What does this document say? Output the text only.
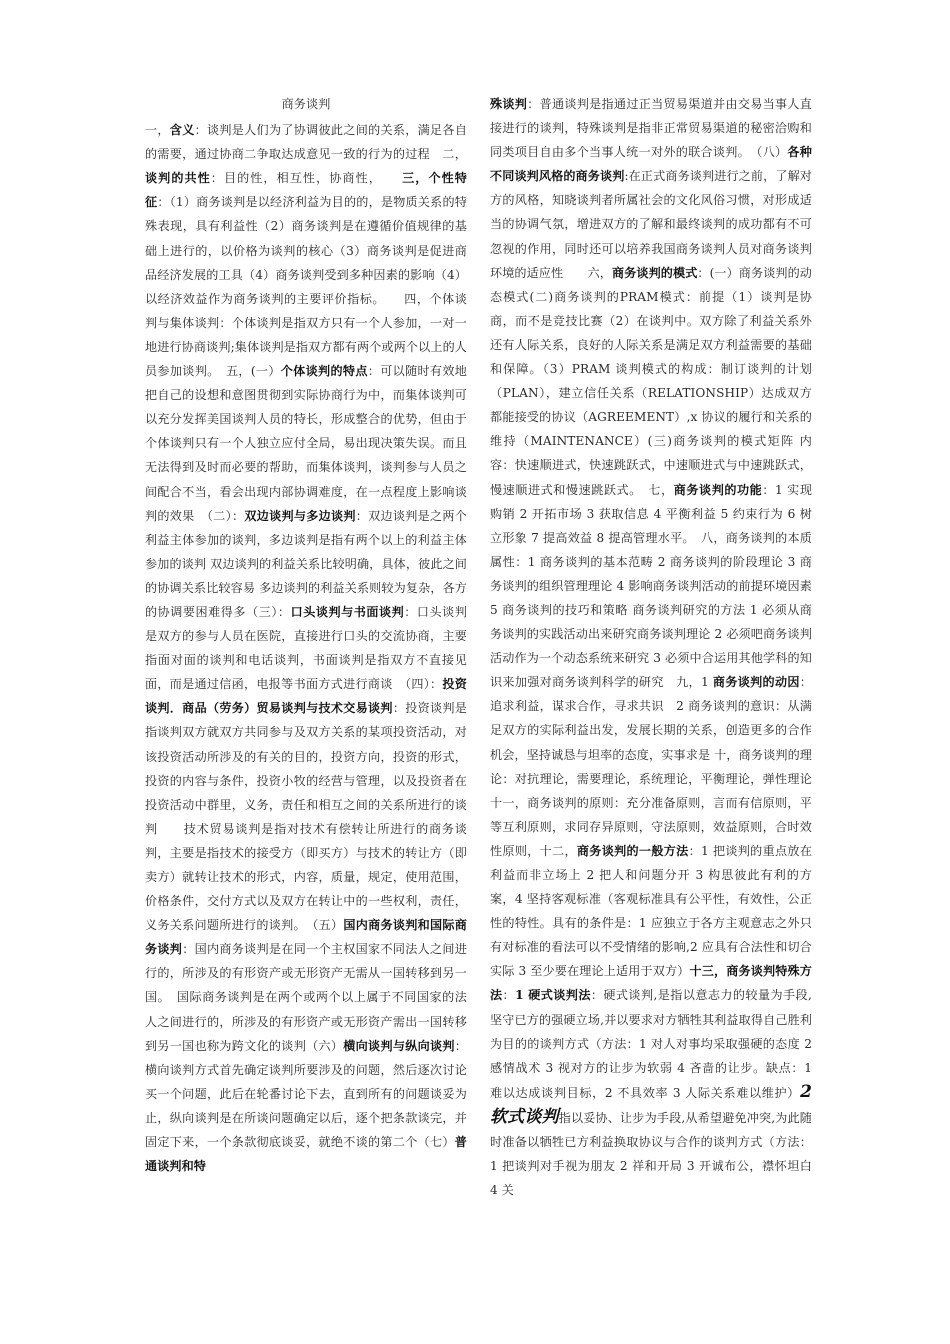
商务谈判

一，含义：谈判是人们为了协调彼此之间的关系，满足各自的需要，通过协商二争取达成意见一致的行为的过程　二，谈判的共性：目的性，相互性，协商性，　　三，个性特征：（1）商务谈判是以经济利益为目的的，是物质关系的特殊表现，具有利益性（2）商务谈判是在遵循价值规律的基础上进行的，以价格为谈判的核心（3）商务谈判是促进商品经济发展的工具（4）商务谈判受到多种因素的影响（4）以经济效益作为商务谈判的主要评价指标。　　四，个体谈判与集体谈判：个体谈判是指双方只有一个人参加，一对一地进行协商谈判;集体谈判是指双方都有两个或两个以上的人员参加谈判。　五，(一）个体谈判的特点：可以随时有效地把自己的设想和意图贯彻到实际协商行为中，而集体谈判可以充分发挥美国谈判人员的特长，形成整合的优势，但由于个体谈判只有一个人独立应付全局，易出现决策失误。而且无法得到及时而必要的帮助，而集体谈判，谈判参与人员之间配合不当，看会出现内部协调难度，在一点程度上影响谈判的效果　（二）：双边谈判与多边谈判：双边谈判是之两个利益主体参加的谈判，多边谈判是指有两个以上的利益主体参加的谈判 双边谈判的利益关系比较明确，具体，彼此之间的协调关系比较容易 多边谈判的利益关系则较为复杂，各方的协调要困难得多（三）：口头谈判与书面谈判：口头谈判是双方的参与人员在医院，直接进行口头的交流协商，主要指面对面的谈判和电话谈判，书面谈判是指双方不直接见面，而是通过信函，电报等书面方式进行商谈　（四）：投资谈判．商品（劳务）贸易谈判与技术交易谈判：投资谈判是指谈判双方就双方共同参与及双方关系的某项投资活动，对该投资活动所涉及的有关的目的，投资方向，投资的形式，投资的内容与条件，投资小牧的经营与管理，以及投资者在投资活动中群里，义务，责任和相互之间的关系所进行的谈判　　技术贸易谈判是指对技术有偿转让所进行的商务谈判，主要是指技术的接受方（即买方）与技术的转让方（即卖方）就转让技术的形式，内容，质量，规定，使用范围，价格条件，交付方式以及双方在转让中的一些权利，责任，义务关系问题所进行的谈判。　（五）国内商务谈判和国际商务谈判：国内商务谈判是在同一个主权国家不同法人之间进行的，所涉及的有形资产或无形资产无需从一国转移到另一国。　国际商务谈判是在两个或两个以上属于不同国家的法人之间进行的，所涉及的有形资产或无形资产需出一国转移到另一国也称为跨文化的谈判（六）横向谈判与纵向谈判：横向谈判方式首先确定谈判所要涉及的问题，然后逐次讨论买一个问题，此后在轮番讨论下去，直到所有的问题谈妥为止，纵向谈判是在所谈问题确定以后，逐个把条款谈完，并固定下来，一个条款彻底谈妥，就绝不谈的第二个（七）普通谈判和特

殊谈判：普通谈判是指通过正当贸易渠道并由交易当事人直接进行的谈判，特殊谈判是指非正常贸易渠道的秘密洽购和同类项目自由多个当事人统一对外的联合谈判。　（八）各种不同谈判风格的商务谈判:在正式商务谈判进行之前，了解对方的风格，知晓谈判者所属社会的文化风俗习惯，对形成适当的协调气氛，增进双方的了解和最终谈判的成功都有不可忽视的作用，同时还可以培养我国商务谈判人员对商务谈判环境的适应性　　六，商务谈判的模式：(一）商务谈判的动态模式(二)商务谈判的PRAM模式：前提（1）谈判是协商，而不是竞技比赛（2）在谈判中。双方除了利益关系外还有人际关系，良好的人际关系是满足双方利益需要的基础和保障。（3）PRAM 谈判模式的构成：制订谈判的计划（PLAN），建立信任关系（RELATIONSHIP）达成双方都能接受的协议（AGREEMENT）,x 协议的履行和关系的维持（MAINTENANCE）(三)商务谈判的模式矩阵 内容：快速顺进式，快速跳跃式，中速顺进式与中速跳跃式，慢速顺进式和慢速跳跃式。　七，商务谈判的功能：1 实现购销 2 开拓市场 3 获取信息 4 平衡利益 5 约束行为 6 树立形象 7 提高效益 8 提高管理水平。　八，商务谈判的本质属性：1 商务谈判的基本范畴 2 商务谈判的阶段理论 3 商务谈判的组织管理理论 4 影响商务谈判活动的前提环境因素 5 商务谈判的技巧和策略 商务谈判研究的方法 1 必须从商务谈判的实践活动出来研究商务谈判理论 2 必须吧商务谈判活动作为一个动态系统来研究 3 必须中合运用其他学科的知识来加强对商务谈判科学的研究　九，1 商务谈判的动因：追求利益，谋求合作，寻求共识　2 商务谈判的意识：从满足双方的实际利益出发，发展长期的关系，创造更多的合作机会，坚持诚恳与坦率的态度，实事求是 十，商务谈判的理论：对抗理论，需要理论，系统理论，平衡理论，弹性理论 十一，商务谈判的原则：充分准备原则，言而有信原则，平等互利原则，求同存异原则，守法原则，效益原则，合时效性原则，十二，商务谈判的一般方法：1 把谈判的重点放在利益而非立场上 2 把人和问题分开 3 构思彼此有利的方案，4 坚持客观标准（客观标准具有公平性，有效性，公正性的特性。具有的条件是：1 应独立于各方主观意志之外只有对标准的看法可以不受情绪的影响,2 应具有合法性和切合实际 3 至少要在理论上适用于双方）十三，商务谈判特殊方法：1 硬式谈判法：硬式谈判,是指以意志力的较量为手段,坚守已方的强硬立场,并以要求对方牺牲其利益取得自己胜利为目的的谈判方式（方法：1 对人对事均采取强硬的态度 2 感情战术 3 视对方的让步为软弱 4 吝啬的让步。缺点：1 难以达成谈判目标，2 不具效率 3 人际关系难以维护）2 软式谈判指以妥协、让步为手段,从希望避免冲突,为此随时准备以牺牲已方利益换取协议与合作的谈判方式（方法：1 把谈判对手视为朋友 2 祥和开局 3 开诚布公，襟怀坦白 4 关
